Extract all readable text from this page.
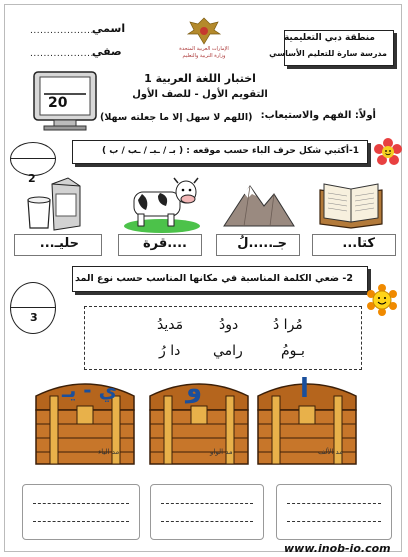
منطقة دبي التعليمية
مدرسة سارة للتعليم الأساسي
الإمارات العربية المتحدة
وزارة التربية والتعليم
....................
اسمي
....................
صفي
20
اختبار اللغة العربية 1
التقويم الأول - للصف الأول
أولاً: الفهم والاستيعاب:
(اللهم لا سهل إلا ما جعلته سهلا)
1-أكتبي شكل حرف الباء حسب موقعه : ( بـ / ـبـ / ـب / ب )
2
كتا...
جـ.....لُ
....قرة
حليـ...
2- ضعي الكلمة المناسبة في مكانها المناسب حسب نوع المد
3	مُرا دُ
دودُ
مَديدُ
بـومُ
رامي
دا رُ
ا
مد الألف
و
مد الواو
ي - يـ
مد الياء
www.inob-io.com
